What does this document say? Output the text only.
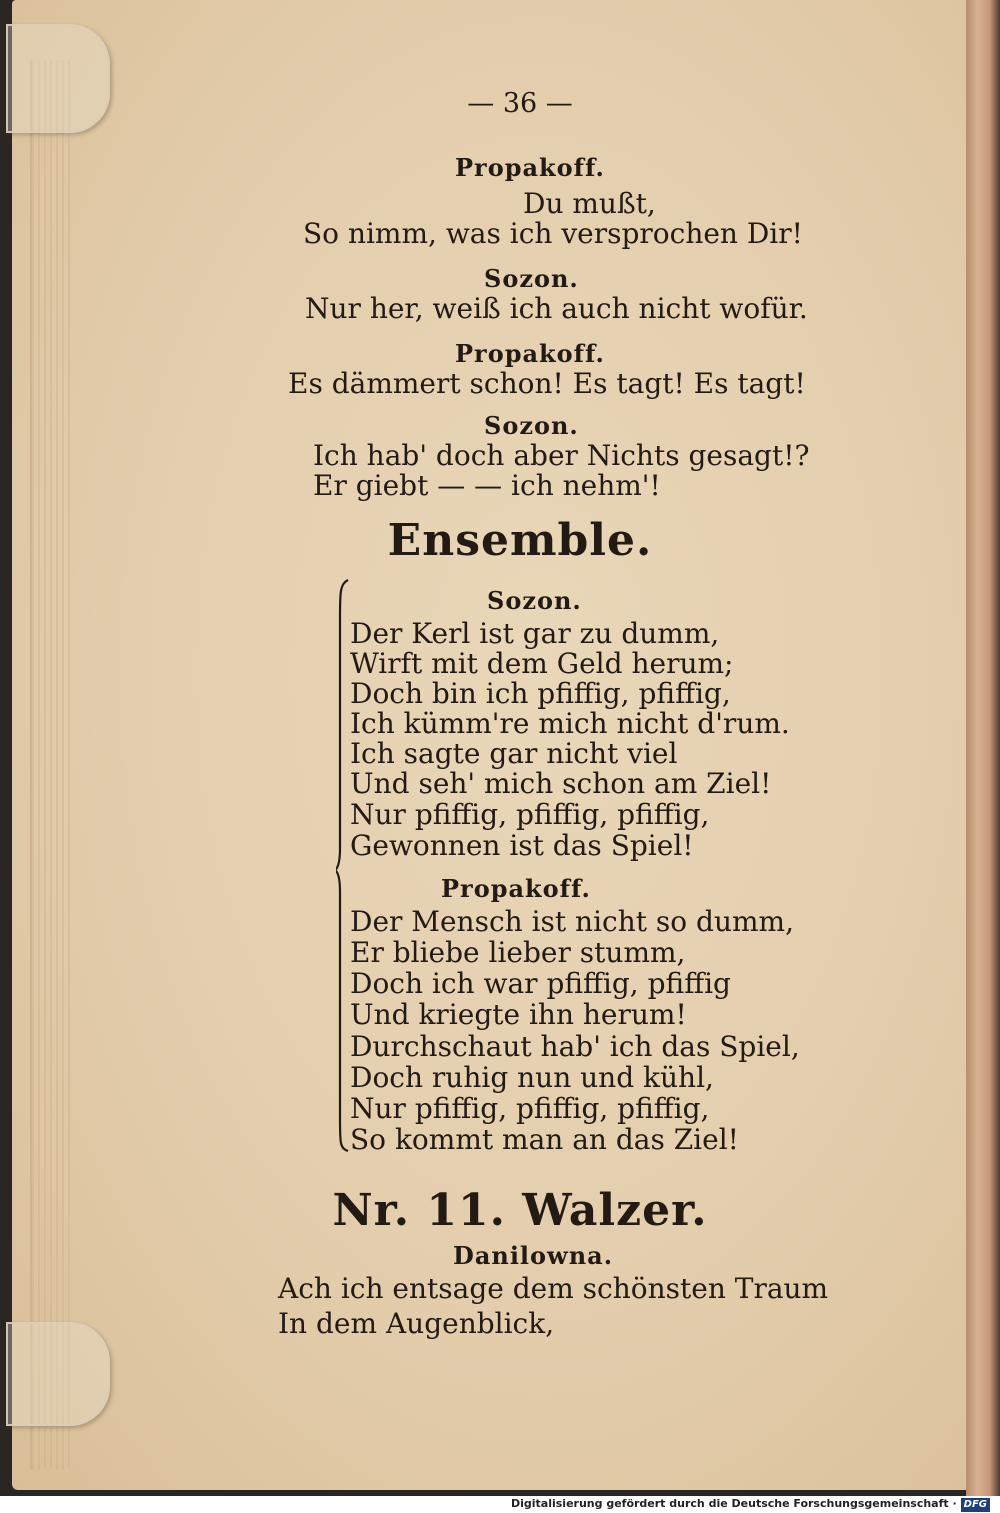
— 36 —
Propakoff.
Du mußt,
So nimm, was ich versprochen Dir!
Sozon.
Nur her, weiß ich auch nicht wofür.
Propakoff.
Es dämmert schon! Es tagt! Es tagt!
Sozon.
Ich hab' doch aber Nichts gesagt!?
Er giebt — — ich nehm'!
Ensemble.
Sozon.
Der Kerl ist gar zu dumm,
Wirft mit dem Geld herum;
Doch bin ich pfiffig, pfiffig,
Ich kümm're mich nicht d'rum.
Ich sagte gar nicht viel
Und seh' mich schon am Ziel!
Nur pfiffig, pfiffig, pfiffig,
Gewonnen ist das Spiel!
Propakoff.
Der Mensch ist nicht so dumm,
Er bliebe lieber stumm,
Doch ich war pfiffig, pfiffig
Und kriegte ihn herum!
Durchschaut hab' ich das Spiel,
Doch ruhig nun und kühl,
Nur pfiffig, pfiffig, pfiffig,
So kommt man an das Ziel!
Nr. 11. Walzer.
Danilowna.
Ach ich entsage dem schönsten Traum
In dem Augenblick,
Digitalisierung gefördert durch die Deutsche Forschungsgemeinschaft · DFG
